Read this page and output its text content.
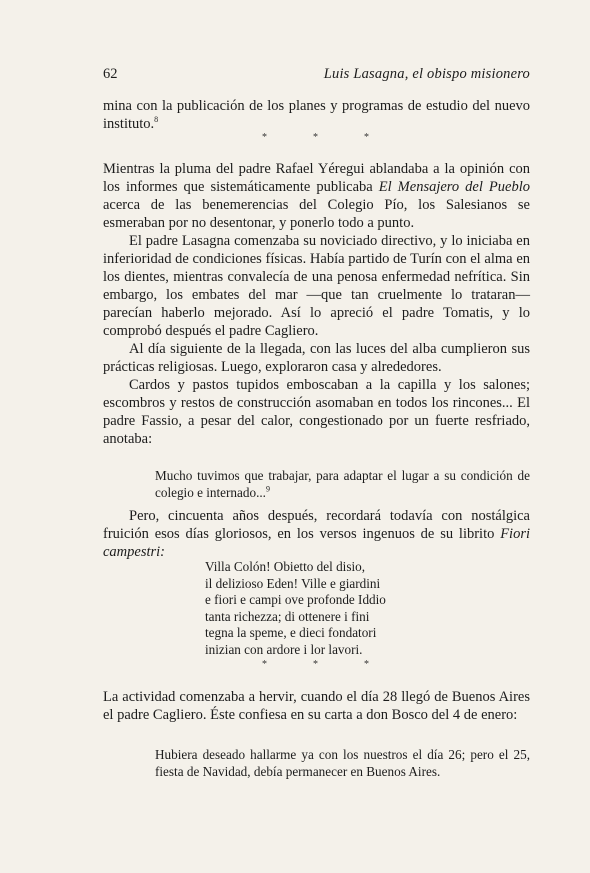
62	Luis Lasagna, el obispo misionero

mina con la publicación de los planes y programas de estudio del nuevo instituto.$^8$

*	*	*

Mientras la pluma del padre Rafael Yéregui ablandaba a la opinión con los informes que sistemáticamente publicaba El Mensajero del Pueblo acerca de las benemerencias del Colegio Pío, los Salesianos se esmeraban por no desentonar, y ponerlo todo a punto.

El padre Lasagna comenzaba su noviciado directivo, y lo iniciaba en inferioridad de condiciones físicas. Había partido de Turín con el alma en los dientes, mientras convalecía de una penosa enfermedad nefrítica. Sin embargo, los embates del mar —que tan cruelmente lo trataran— parecían haberlo mejorado. Así lo apreció el padre Tomatis, y lo comprobó después el padre Cagliero.

Al día siguiente de la llegada, con las luces del alba cumplieron sus prácticas religiosas. Luego, exploraron casa y alrededores.

Cardos y pastos tupidos emboscaban a la capilla y los salones; escombros y restos de construcción asomaban en todos los rincones... El padre Fassio, a pesar del calor, congestionado por un fuerte resfriado, anotaba:

Mucho tuvimos que trabajar, para adaptar el lugar a su condición de colegio e internado...$^9$

Pero, cincuenta años después, recordará todavía con nostálgica fruición esos días gloriosos, en los versos ingenuos de su librito Fiori campestri:

Villa Colón! Obietto del disio,
il delizioso Eden! Ville e giardini
e fiori e campi ove profonde Iddio
tanta richezza; di ottenere i fini
tegna la speme, e dieci fondatori
inizian con ardore i lor lavori.
*	*	*

La actividad comenzaba a hervir, cuando el día 28 llegó de Buenos Aires el padre Cagliero. Éste confiesa en su carta a don Bosco del 4 de enero:

Hubiera deseado hallarme ya con los nuestros el día 26; pero el 25, fiesta de Navidad, debía permanecer en Buenos Aires.
